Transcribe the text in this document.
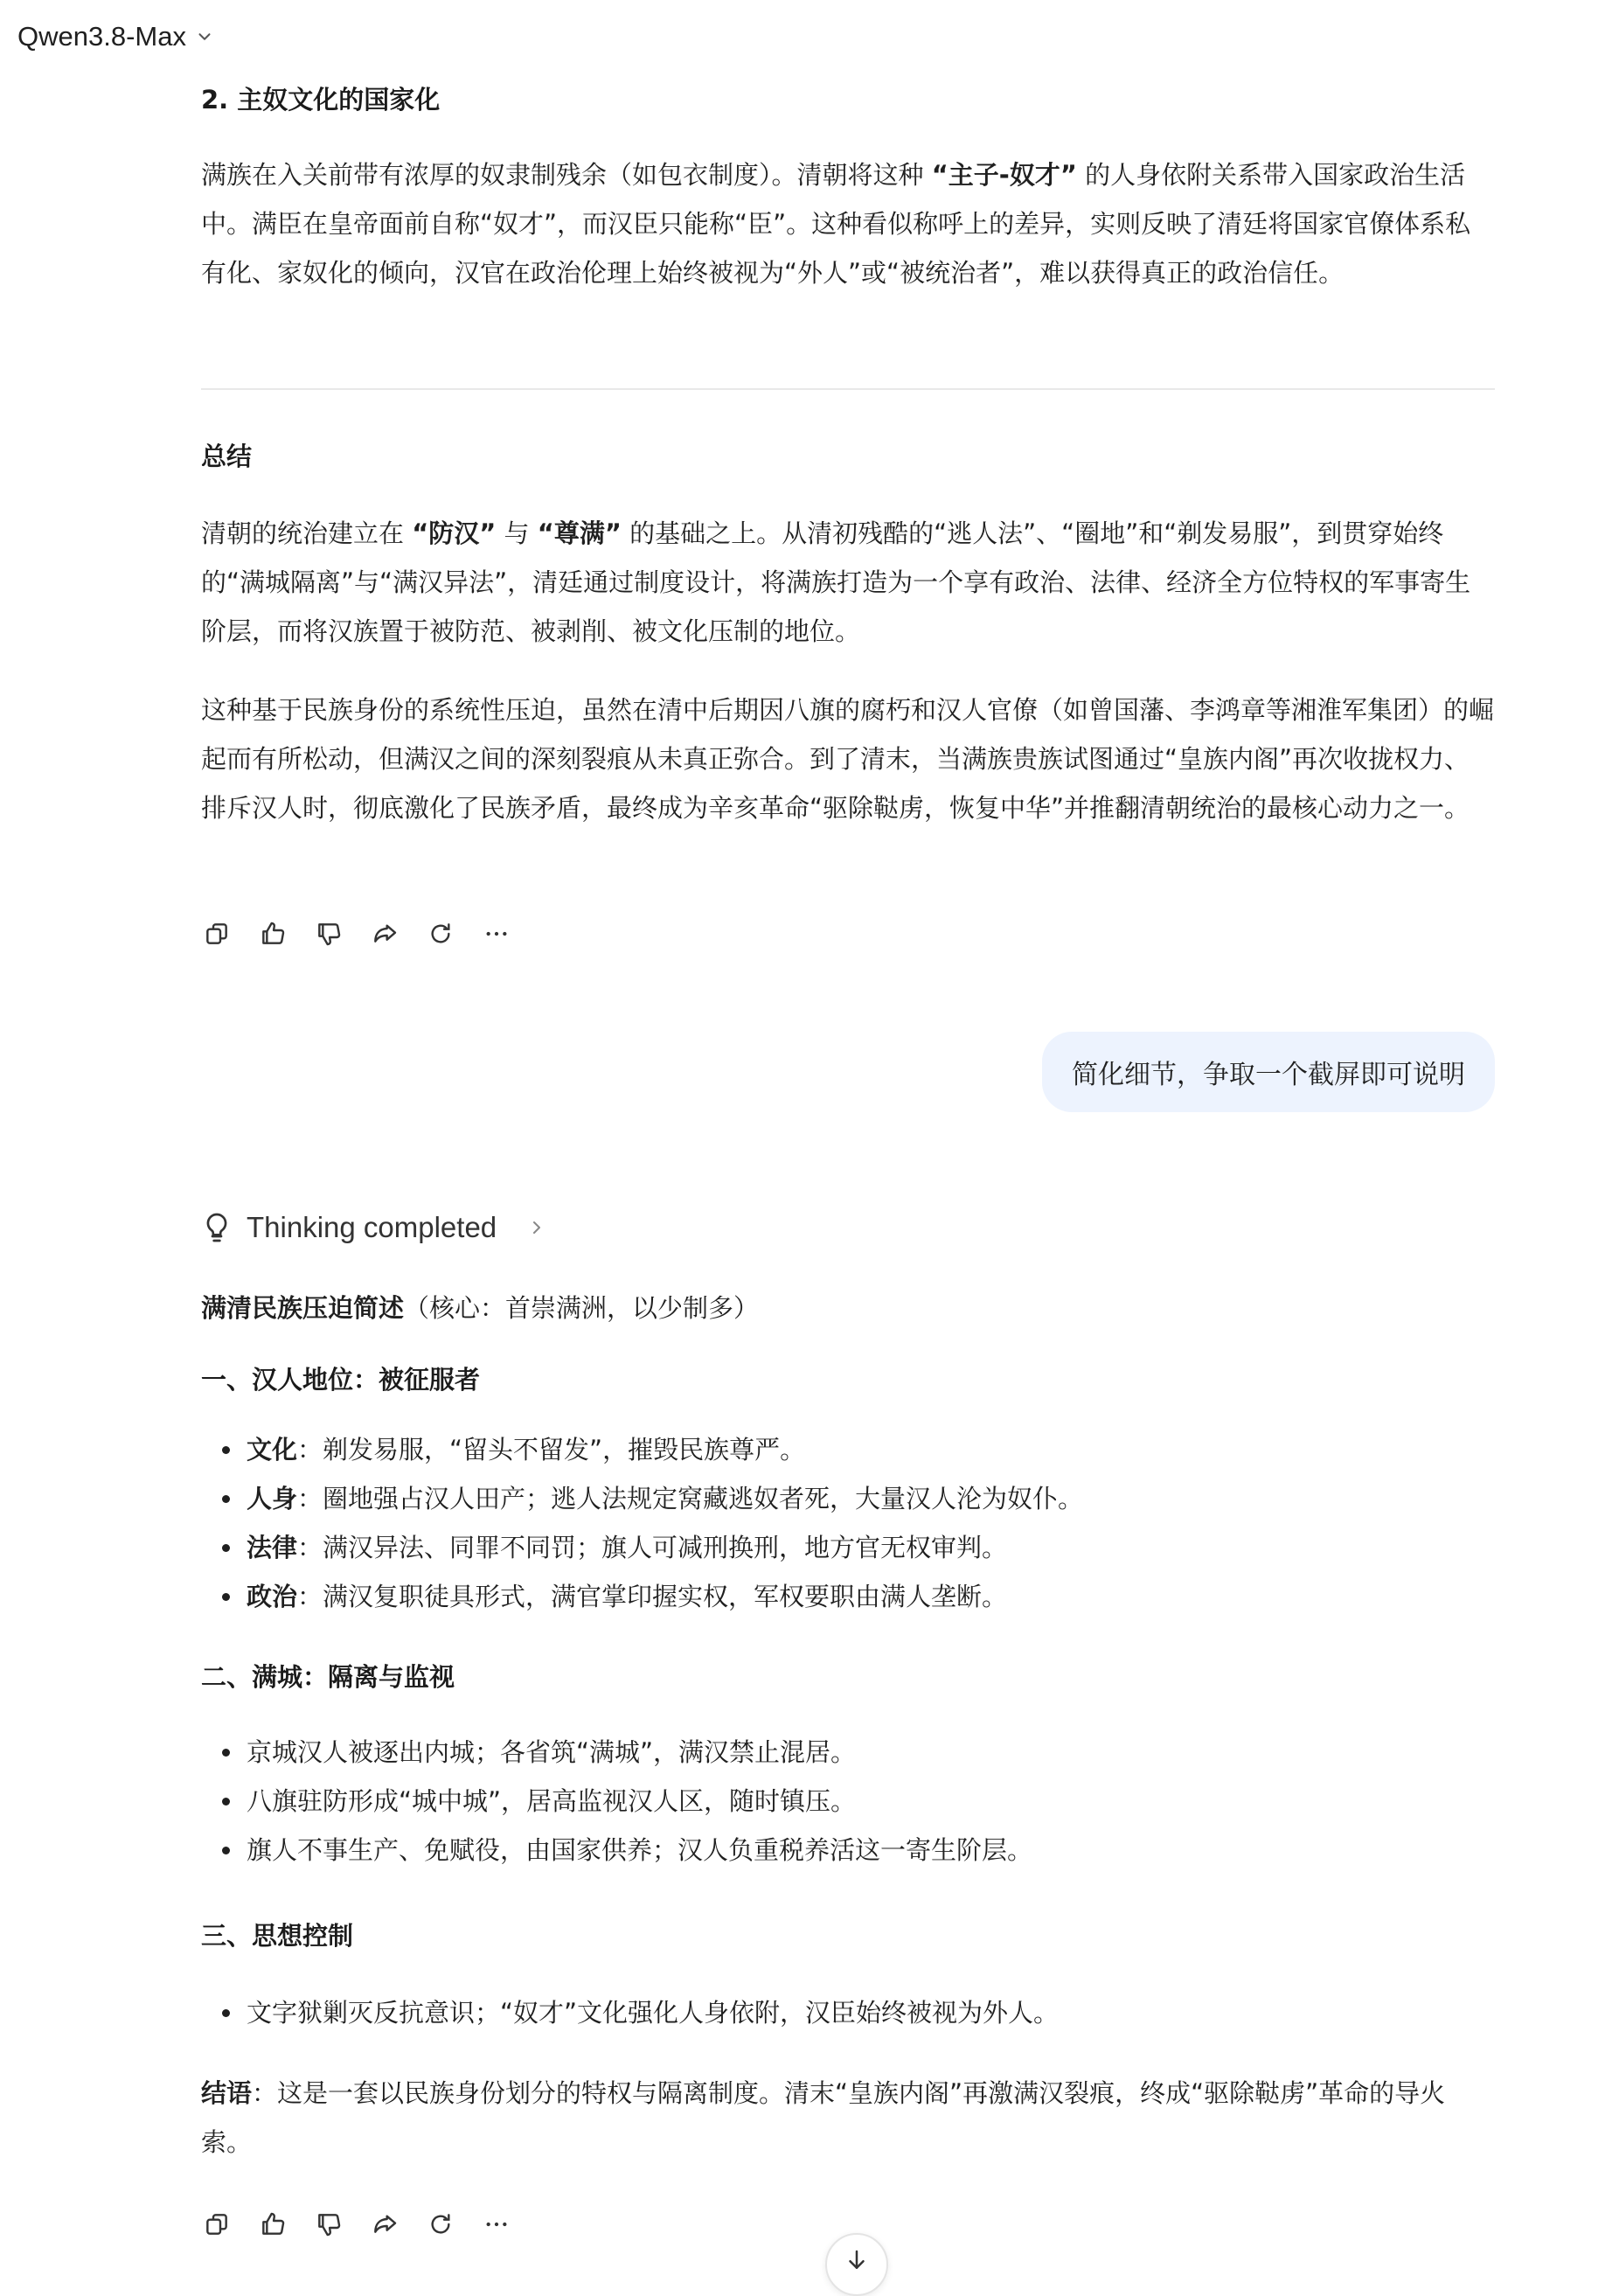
Qwen3.8-Max
2. 主奴文化的国家化

满族在入关前带有浓厚的奴隶制残余（如包衣制度）。清朝将这种 “主子-奴才” 的人身依附关系带入国家政治生活中。满臣在皇帝面前自称“奴才”，而汉臣只能称“臣”。这种看似称呼上的差异，实则反映了清廷将国家官僚体系私有化、家奴化的倾向，汉官在政治伦理上始终被视为“外人”或“被统治者”，难以获得真正的政治信任。

总结

清朝的统治建立在 “防汉” 与 “尊满” 的基础之上。从清初残酷的“逃人法”、“圈地”和“剃发易服”，到贯穿始终的“满城隔离”与“满汉异法”，清廷通过制度设计，将满族打造为一个享有政治、法律、经济全方位特权的军事寄生阶层，而将汉族置于被防范、被剥削、被文化压制的地位。

这种基于民族身份的系统性压迫，虽然在清中后期因八旗的腐朽和汉人官僚（如曾国藩、李鸿章等湘淮军集团）的崛起而有所松动，但满汉之间的深刻裂痕从未真正弥合。到了清末，当满族贵族试图通过“皇族内阁”再次收拢权力、排斥汉人时，彻底激化了民族矛盾，最终成为辛亥革命“驱除鞑虏，恢复中华”并推翻清朝统治的最核心动力之一。

简化细节，争取一个截屏即可说明
Thinking completed

满清民族压迫简述（核心：首崇满洲，以少制多）

一、汉人地位：被征服者
文化：剃发易服，“留头不留发”，摧毁民族尊严。
人身：圈地强占汉人田产；逃人法规定窝藏逃奴者死，大量汉人沦为奴仆。
法律：满汉异法、同罪不同罚；旗人可减刑换刑，地方官无权审判。
政治：满汉复职徒具形式，满官掌印握实权，军权要职由满人垄断。
二、满城：隔离与监视
京城汉人被逐出内城；各省筑“满城”，满汉禁止混居。
八旗驻防形成“城中城”，居高监视汉人区，随时镇压。
旗人不事生产、免赋役，由国家供养；汉人负重税养活这一寄生阶层。
三、思想控制
文字狱剿灭反抗意识；“奴才”文化强化人身依附，汉臣始终被视为外人。

结语：这是一套以民族身份划分的特权与隔离制度。清末“皇族内阁”再激满汉裂痕，终成“驱除鞑虏”革命的导火索。
